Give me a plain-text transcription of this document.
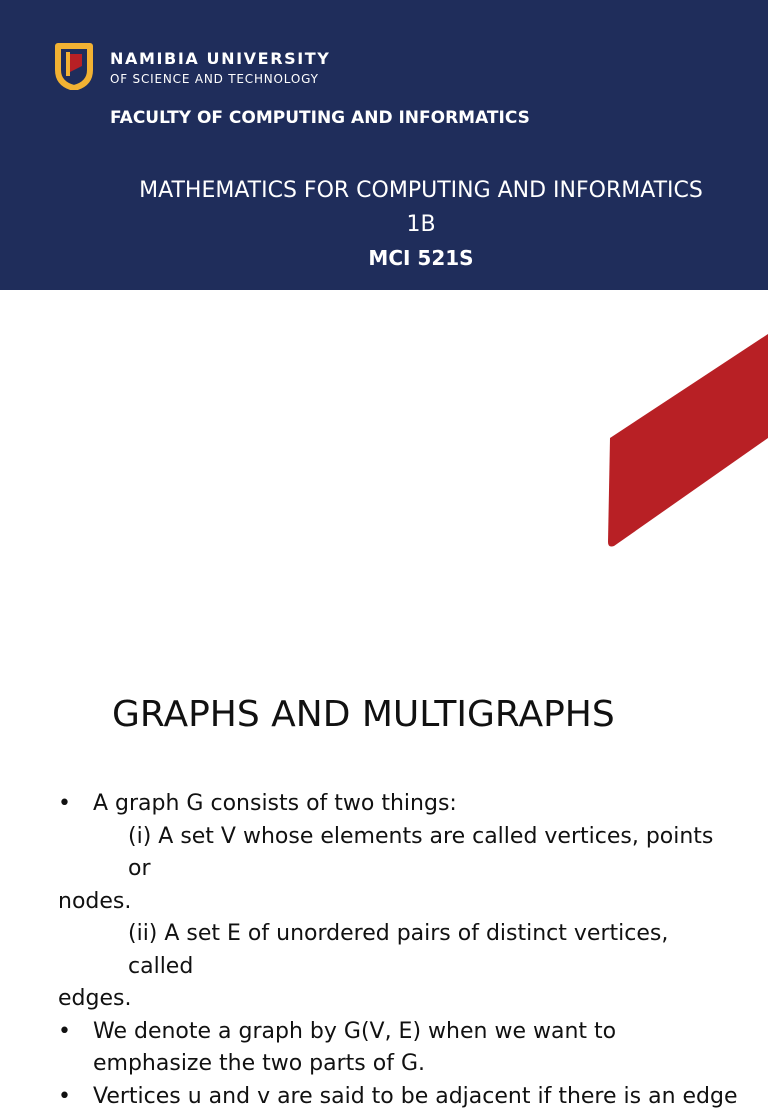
NAMIBIA UNIVERSITY
OF SCIENCE AND TECHNOLOGY
FACULTY OF COMPUTING AND INFORMATICS
MATHEMATICS FOR COMPUTING AND INFORMATICS
1B
MCI 521S
GRAPHS AND MULTIGRAPHS
• A graph G consists of two things:
(i) A set V whose elements are called vertices, points or
nodes.
(ii) A set E of unordered pairs of distinct vertices, called
edges.
• We denote a graph by G(V, E) when we want to emphasize the two parts of G.
• Vertices u and v are said to be adjacent if there is an edge
